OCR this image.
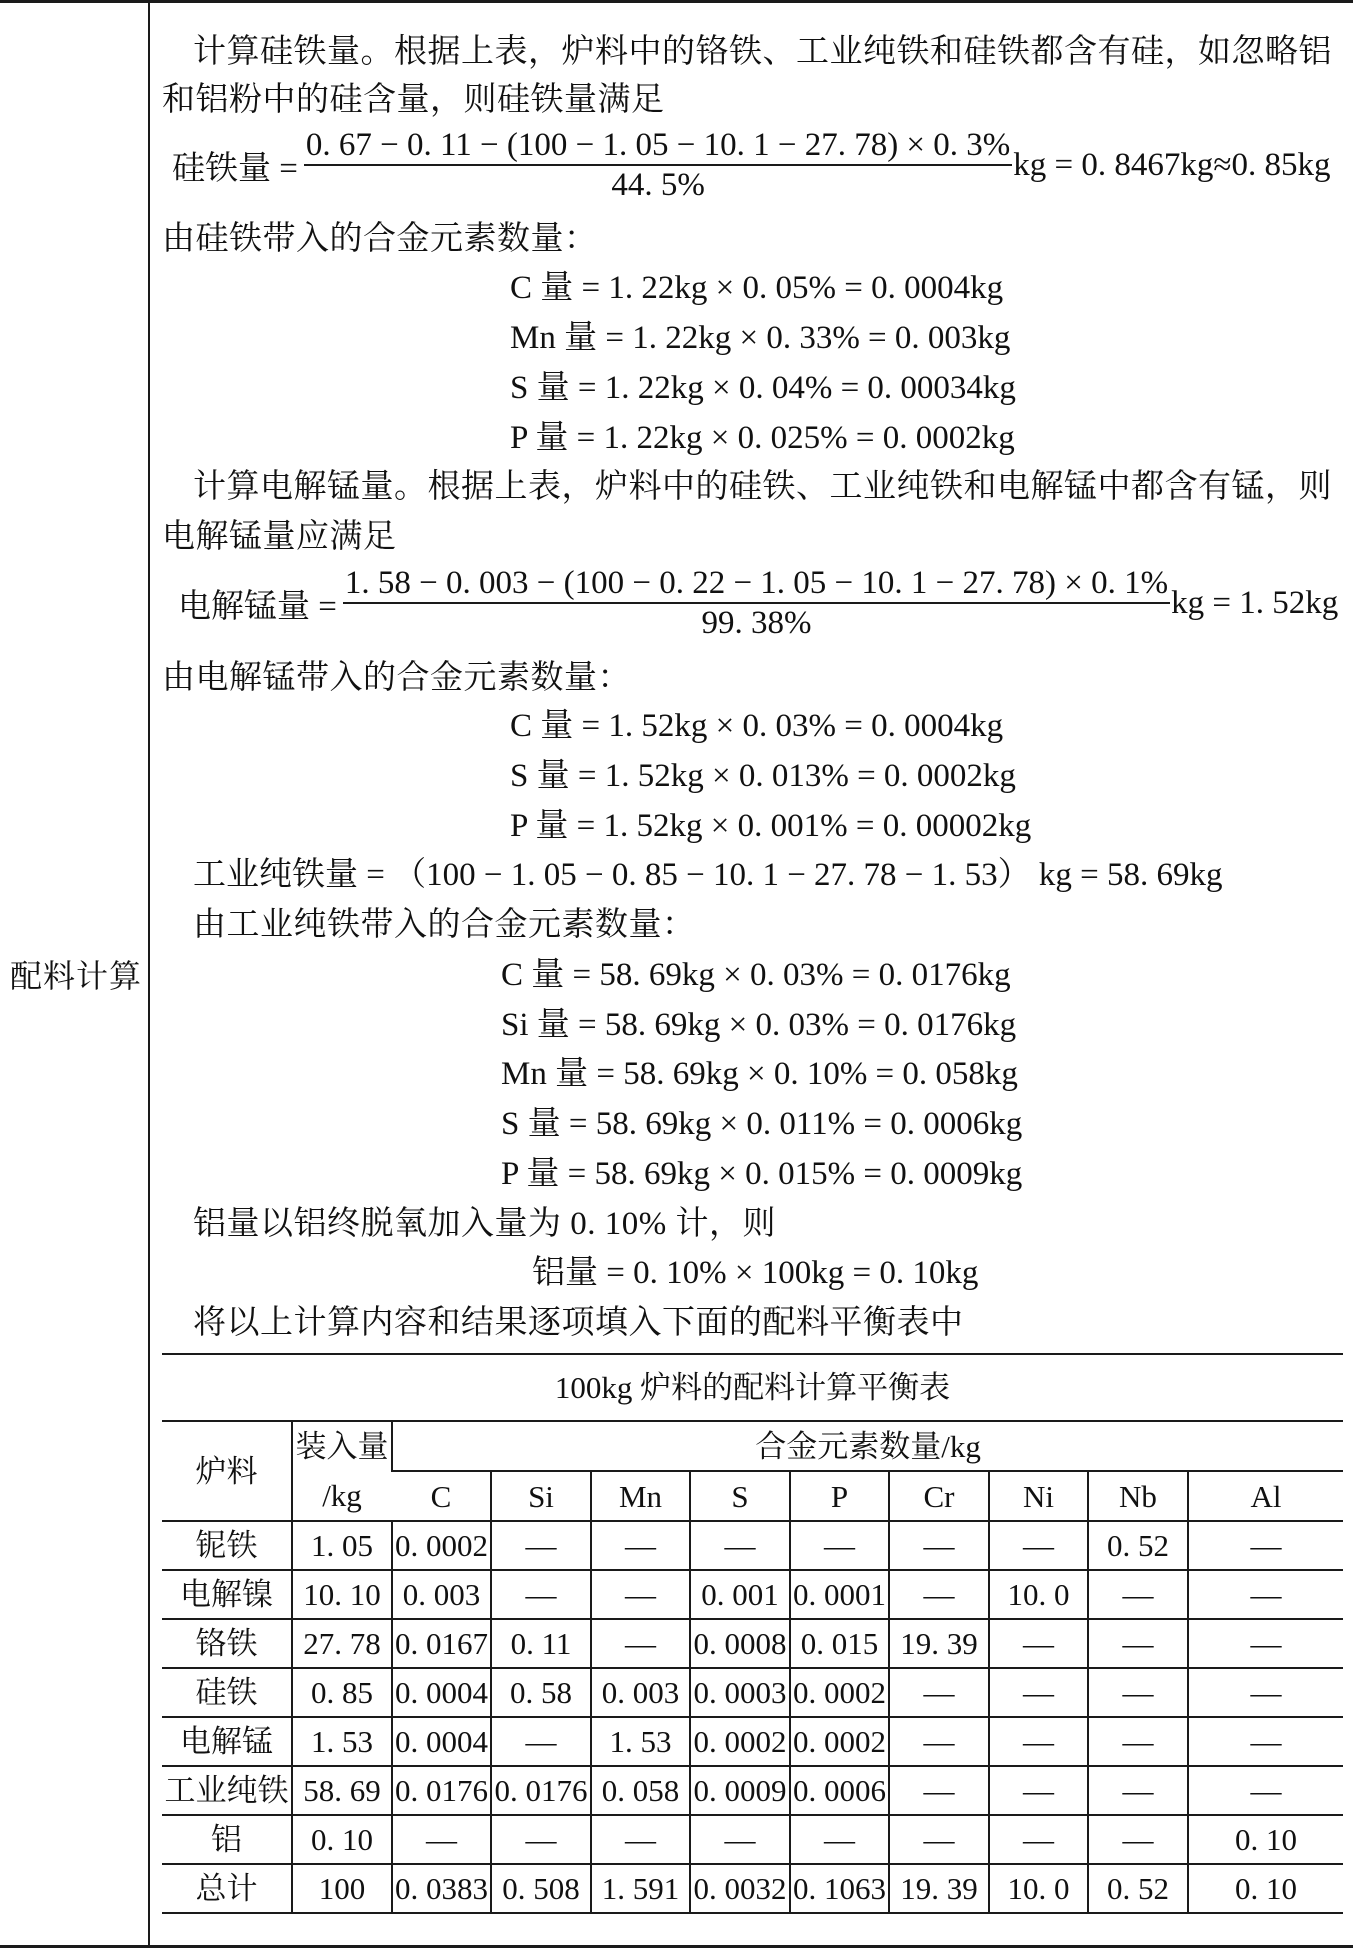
配料计算
计算硅铁量。根据上表，炉料中的铬铁、工业纯铁和硅铁都含有硅，如忽略铝
和铝粉中的硅含量，则硅铁量满足
硅铁量 = $\frac{0. 67 - 0. 11 - (100 - 1. 05 - 10. 1 - 27. 78) \times 0. 3\%}{44. 5\%}$ kg = 0. 8467kg≈0. 85kg
由硅铁带入的合金元素数量：
C 量 = 1. 22kg × 0. 05% = 0. 0004kg
Mn 量 = 1. 22kg × 0. 33% = 0. 003kg
S 量 = 1. 22kg × 0. 04% = 0. 00034kg
P 量 = 1. 22kg × 0. 025% = 0. 0002kg
计算电解锰量。根据上表，炉料中的硅铁、工业纯铁和电解锰中都含有锰，则
电解锰量应满足
电解锰量 =
1. 58 − 0. 003 − (100 − 0. 22 − 1. 05 − 10. 1 − 27. 78) × 0. 1%
99. 38%
kg = 1. 52kg
由电解锰带入的合金元素数量：
C 量 = 1. 52kg × 0. 03% = 0. 0004kg
S 量 = 1. 52kg × 0. 013% = 0. 0002kg
P 量 = 1. 52kg × 0. 001% = 0. 00002kg
工业纯铁量 = （100 − 1. 05 − 0. 85 − 10. 1 − 27. 78 − 1. 53） kg = 58. 69kg
由工业纯铁带入的合金元素数量：
C 量 = 58. 69kg × 0. 03% = 0. 0176kg
Si 量 = 58. 69kg × 0. 03% = 0. 0176kg
Mn 量 = 58. 69kg × 0. 10% = 0. 058kg
S 量 = 58. 69kg × 0. 011% = 0. 0006kg
P 量 = 58. 69kg × 0. 015% = 0. 0009kg
铝量以铝终脱氧加入量为 0. 10% 计，则
铝量 = 0. 10% × 100kg = 0. 10kg
将以上计算内容和结果逐项填入下面的配料平衡表中
100kg 炉料的配料计算平衡表
炉料	装入量
/kg	合金元素数量/kg								
		C	Si	Mn	S	P	Cr	Ni	Nb	Al
铌铁	1. 05	0. 0002	—	—	—	—	—	—	0. 52	—
电解镍	10. 10	0. 003	—	—	0. 001	0. 0001	—	10. 0	—	—
铬铁	27. 78	0. 0167	0. 11	—	0. 0008	0. 015	19. 39	—	—	—
硅铁	0. 85	0. 0004	0. 58	0. 003	0. 0003	0. 0002	—	—	—	—
电解锰	1. 53	0. 0004	—	1. 53	0. 0002	0. 0002	—	—	—	—
工业纯铁	58. 69	0. 0176	0. 0176	0. 058	0. 0009	0. 0006	—	—	—	—
铝	0. 10	—	—	—	—	—	—	—	—	0. 10
总计	100	0. 0383	0. 508	1. 591	0. 0032	0. 1063	19. 39	10. 0	0. 52	0. 10
